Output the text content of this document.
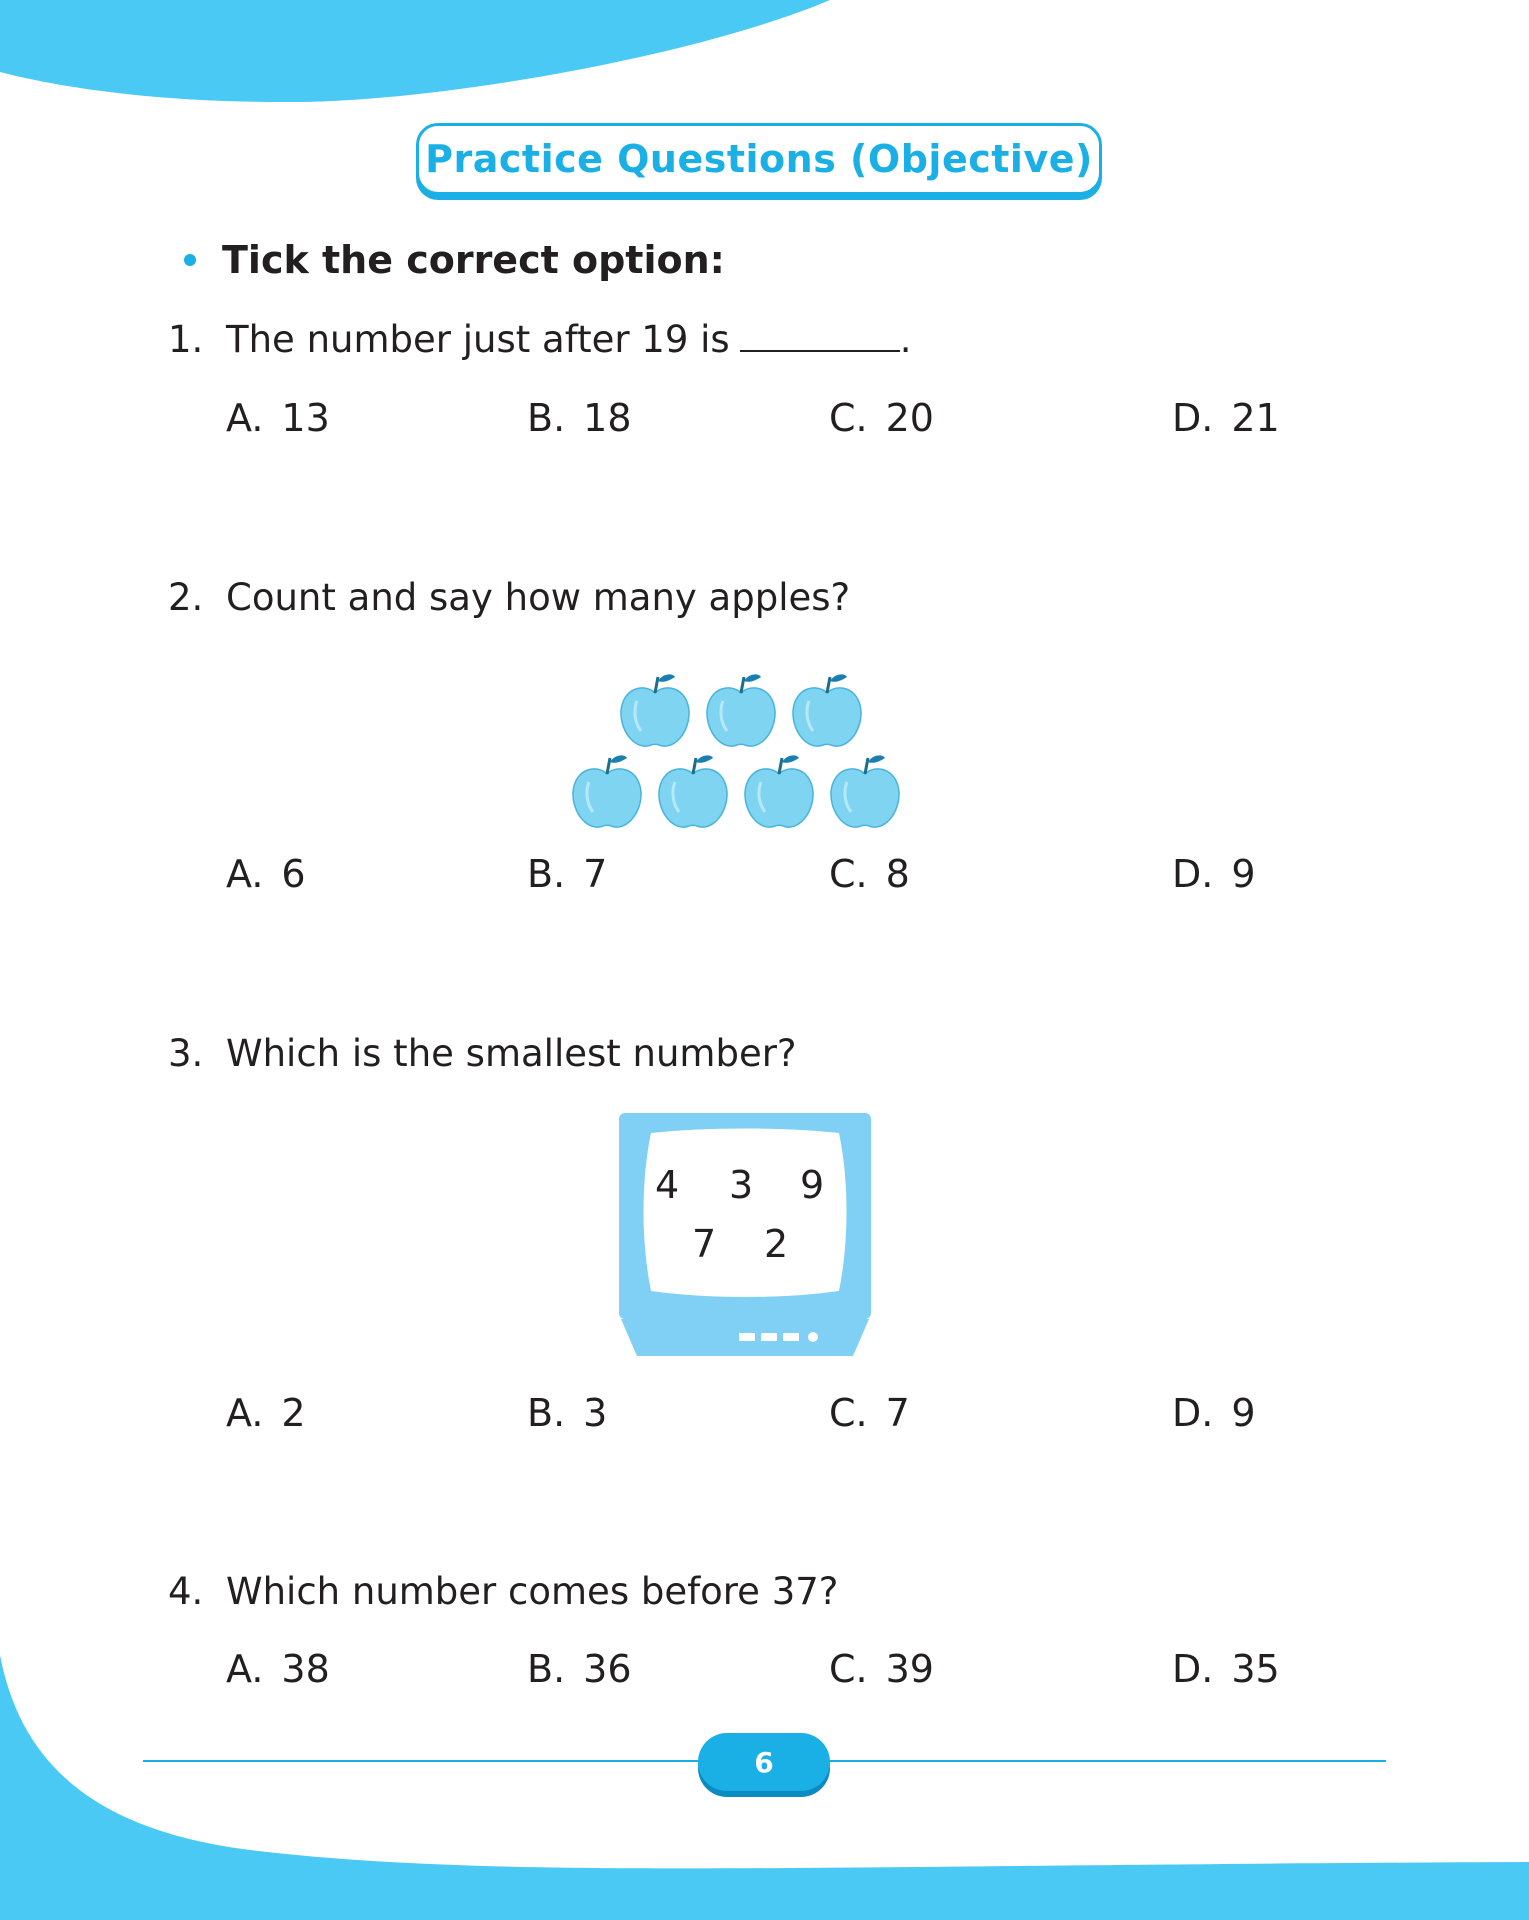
Practice Questions (Objective)
Tick the correct option:
1. The number just after 19 is	.
A. 13	B. 18	C. 20	D. 21
2. Count and say how many apples?
A. 6	B. 7	C. 8	D. 9
3. Which is the smallest number?
4 3 9
7 2
A. 2	B. 3	C. 7	D. 9
4. Which number comes before 37?
A. 38	B. 36	C. 39	D. 35
6
